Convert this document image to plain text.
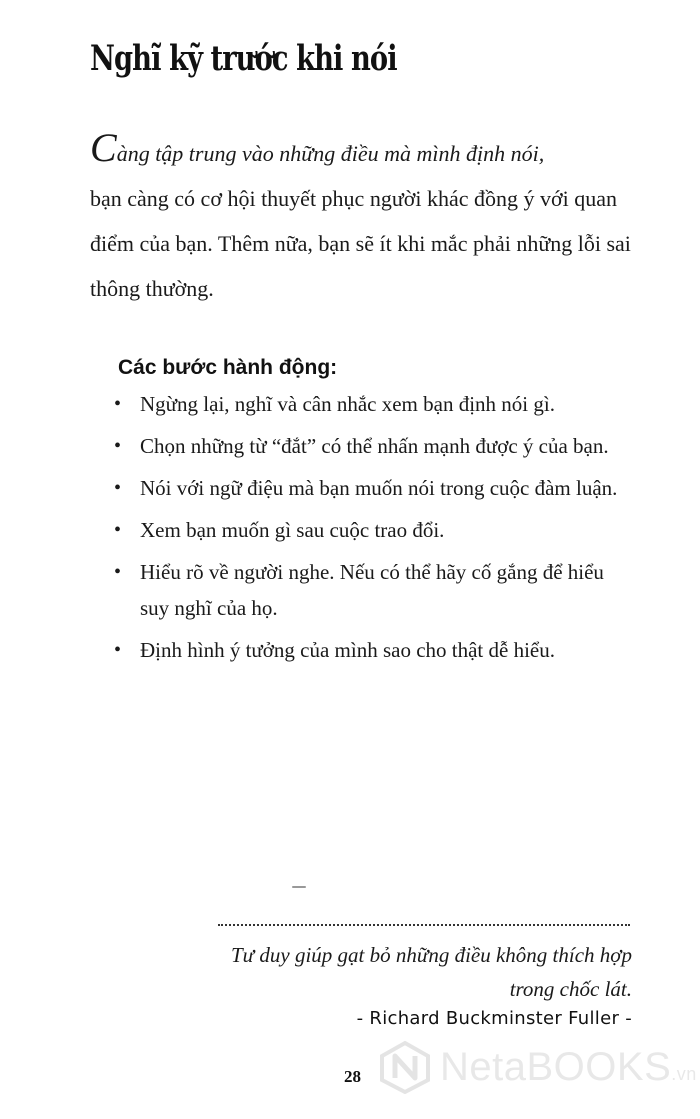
Nghĩ kỹ trước khi nói

Càng tập trung vào những điều mà mình định nói,
bạn càng có cơ hội thuyết phục người khác đồng ý với quan điểm của bạn. Thêm nữa, bạn sẽ ít khi mắc phải những lỗi sai thông thường.

Các bước hành động:
• Ngừng lại, nghĩ và cân nhắc xem bạn định nói gì.
• Chọn những từ “đắt” có thể nhấn mạnh được ý của bạn.
• Nói với ngữ điệu mà bạn muốn nói trong cuộc đàm luận.
• Xem bạn muốn gì sau cuộc trao đổi.
• Hiểu rõ về người nghe. Nếu có thể hãy cố gắng để hiểu suy nghĩ của họ.
• Định hình ý tưởng của mình sao cho thật dễ hiểu.
Tư duy giúp gạt bỏ những điều không thích hợp
trong chốc lát.
- Richard Buckminster Fuller -
28 NetaBOOKS.vn
